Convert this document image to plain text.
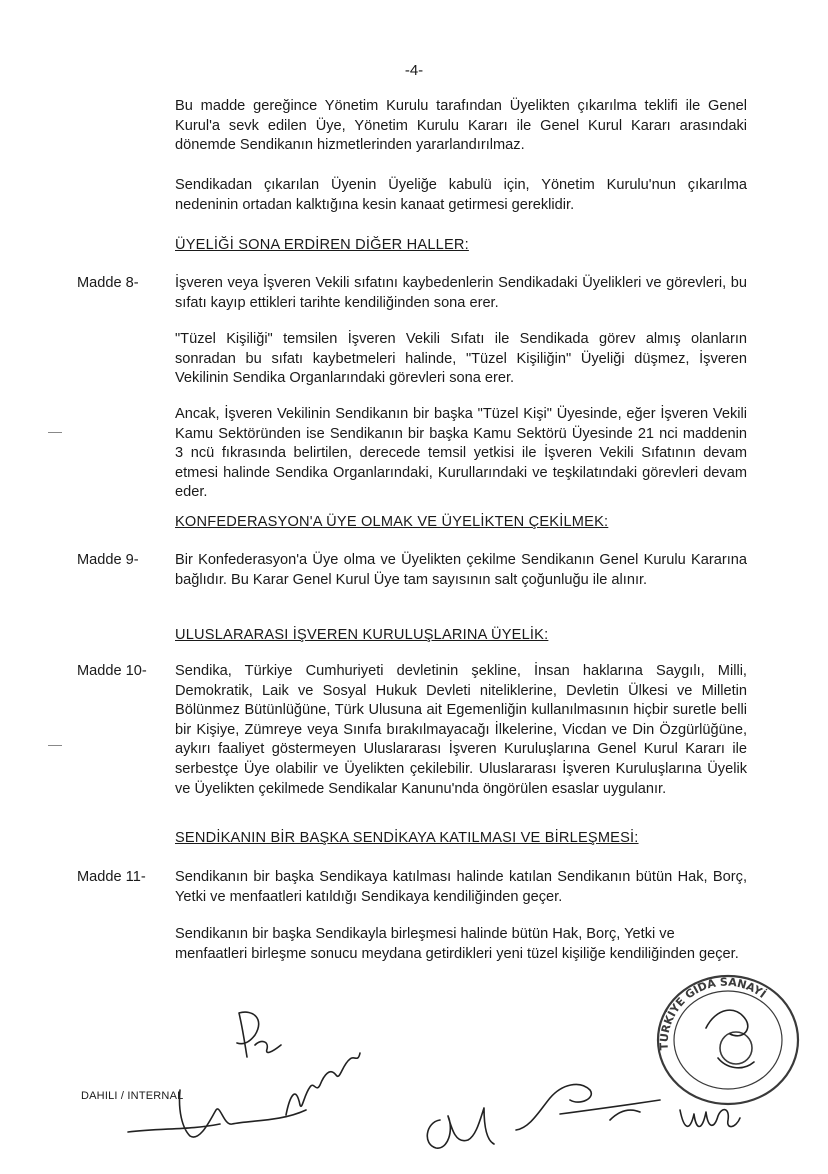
-4-
Bu madde gereğince Yönetim Kurulu tarafından Üyelikten çıkarılma teklifi ile Genel Kurul'a sevk edilen Üye, Yönetim Kurulu Kararı ile Genel Kurul Kararı arasındaki dönemde Sendikanın hizmetlerinden yararlandırılmaz.
Sendikadan çıkarılan Üyenin Üyeliğe kabulü için, Yönetim Kurulu'nun çıkarılma nedeninin ortadan kalktığına kesin kanaat getirmesi gereklidir.
ÜYELİĞİ SONA ERDİREN DİĞER HALLER:
Madde 8- İşveren veya İşveren Vekili sıfatını kaybedenlerin Sendikadaki Üyelikleri ve görevleri, bu sıfatı kayıp ettikleri tarihte kendiliğinden sona erer.
"Tüzel Kişiliği" temsilen İşveren Vekili Sıfatı ile Sendikada görev almış olanların sonradan bu sıfatı kaybetmeleri halinde, "Tüzel Kişiliğin" Üyeliği düşmez, İşveren Vekilinin Sendika Organlarındaki görevleri sona erer.
Ancak, İşveren Vekilinin Sendikanın bir başka "Tüzel Kişi" Üyesinde, eğer İşveren Vekili Kamu Sektöründen ise Sendikanın bir başka Kamu Sektörü Üyesinde 21 nci maddenin 3 ncü fıkrasında belirtilen, derecede temsil yetkisi ile İşveren Vekili Sıfatının devam etmesi halinde Sendika Organlarındaki, Kurullarındaki ve teşkilatındaki görevleri devam eder.
KONFEDERASYON'A ÜYE OLMAK VE ÜYELİKTEN ÇEKİLMEK:
Madde 9- Bir Konfederasyon'a Üye olma ve Üyelikten çekilme Sendikanın Genel Kurulu Kararına bağlıdır. Bu Karar Genel Kurul Üye tam sayısının salt çoğunluğu ile alınır.
ULUSLARARASI İŞVEREN KURULUŞLARINA ÜYELİK:
Madde 10- Sendika, Türkiye Cumhuriyeti devletinin şekline, İnsan haklarına Saygılı, Milli, Demokratik, Laik ve Sosyal Hukuk Devleti niteliklerine, Devletin Ülkesi ve Milletin Bölünmez Bütünlüğüne, Türk Ulusuna ait Egemenliğin kullanılmasının hiçbir suretle belli bir Kişiye, Zümreye veya Sınıfa bırakılmayacağı İlkelerine, Vicdan ve Din Özgürlüğüne, aykırı faaliyet göstermeyen Uluslararası İşveren Kuruluşlarına Genel Kurul Kararı ile serbestçe Üye olabilir ve Üyelikten çekilebilir. Uluslararası İşveren Kuruluşlarına Üyelik ve Üyelikten çekilmede Sendikalar Kanunu'nda öngörülen esaslar uygulanır.
SENDİKANIN BİR BAŞKA SENDİKAYA KATILMASI VE BİRLEŞMESİ:
Madde 11- Sendikanın bir başka Sendikaya katılması halinde katılan Sendikanın bütün Hak, Borç, Yetki ve menfaatleri katıldığı Sendikaya kendiliğinden geçer.
Sendikanın bir başka Sendikayla birleşmesi halinde bütün Hak, Borç, Yetki ve menfaatleri birleşme sonucu meydana getirdikleri yeni tüzel kişiliğe kendiliğinden geçer.
DAHILI / INTERNAL
TÜRKİYE GIDA SANAYİ
